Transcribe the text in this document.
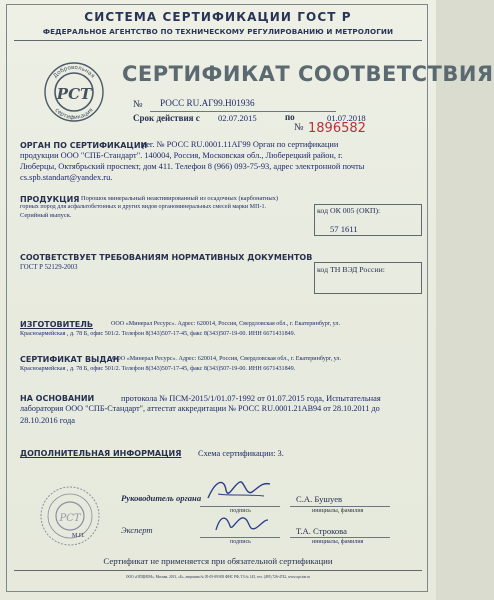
СИСТЕМА СЕРТИФИКАЦИИ ГОСТ Р
ФЕДЕРАЛЬНОЕ АГЕНТСТВО ПО ТЕХНИЧЕСКОМУ РЕГУЛИРОВАНИЮ И МЕТРОЛОГИИ
Добровольная
сертификация
РСТ
СЕРТИФИКАТ СООТВЕТСТВИЯ
№ РОСС RU.АГ99.Н01936
Срок действия с 02.07.2015	по	01.07.2018
№ 1896582
ОРГАН ПО СЕРТИФИКАЦИИ
рег. № РОСС RU.0001.11АГ99 Орган по сертификации
продукции ООО "СПБ-Стандарт". 140004, Россия, Московская обл., Люберецкий район, г.
Люберцы, Октябрьский проспект, дом 411. Телефон 8 (966) 093-75-93, адрес электронной почты
cs.spb.standart@yandex.ru.
ПРОДУКЦИЯ Порошок минеральный неактивированный из осадочных (карбонатных)
горных пород для асфальтобетонных и других видов органоминеральных смесей марки МП-1.
Серийный выпуск.
код ОК 005 (ОКП):
57 1611
СООТВЕТСТВУЕТ ТРЕБОВАНИЯМ НОРМАТИВНЫХ ДОКУМЕНТОВ
ГОСТ Р 52129-2003	код ТН ВЭД России:
ИЗГОТОВИТЕЛЬ	ООО «Минерал Ресурс». Адрес: 620014, Россия, Свердловская обл., г. Екатеринбург, ул.
Красноармейская , д. 78 Б, офис 501/2. Телефон 8(343)507-17-45, факс 8(343)507-19-00. ИНН 6671431849.
СЕРТИФИКАТ ВЫДАН
ООО «Минерал Ресурс». Адрес: 620014, Россия, Свердловская обл., г. Екатеринбург, ул.
Красноармейская , д. 78 Б, офис 501/2. Телефон 8(343)507-17-45, факс 8(343)507-19-00. ИНН 6671431849.
НА ОСНОВАНИИ	протокола № ПСМ-2015/1/01.07-1992 от 01.07.2015 года, Испытательная
лаборатория ООО "СПБ-Стандарт", аттестат аккредитации № РОСС RU.0001.21АВ94 от 28.10.2011 до
28.10.2016 года
ДОПОЛНИТЕЛЬНАЯ ИНФОРМАЦИЯ Схема сертификации: 3.
РСТ
М.П.
Руководитель органа
подпись
С.А. Бушуев
инициалы, фамилия
Эксперт
подпись
Т.А. Строкова
инициалы, фамилия
Сертификат не применяется при обязательной сертификации
ООО «ОПЦИОН», Москва, 2013, «Б», лицензия № 05-05-09/003 ФНС РФ, ТЗ № 145, тел. (495) 726-4742, www.opcion.ru
